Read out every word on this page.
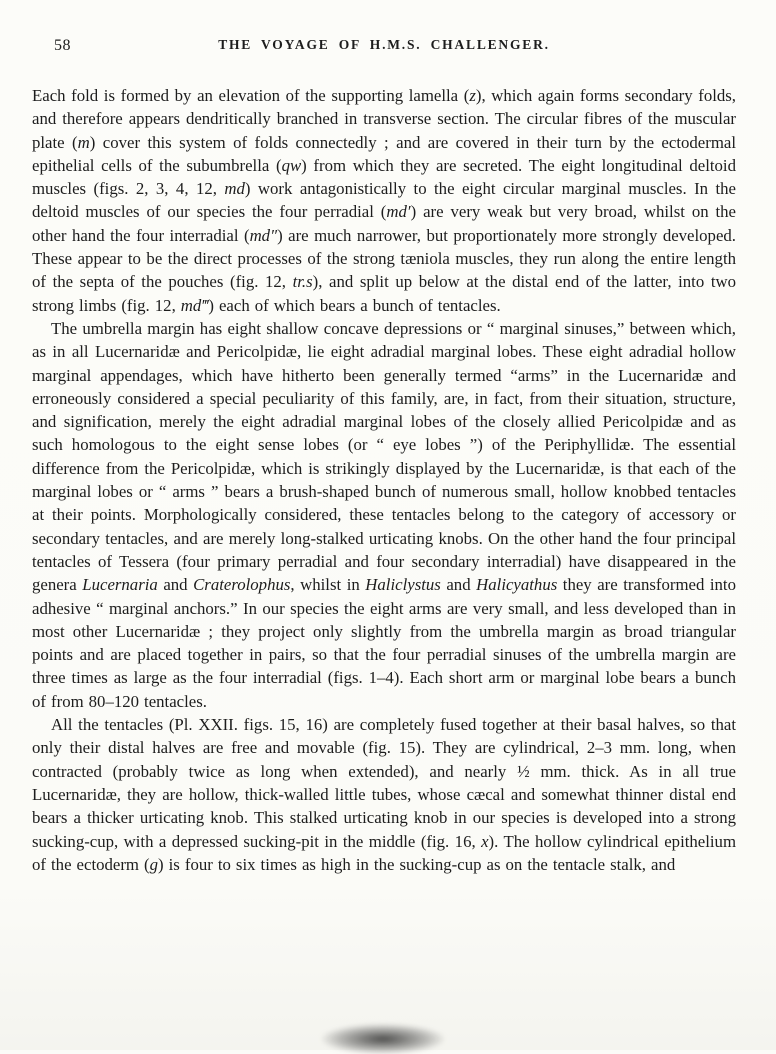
58	THE VOYAGE OF H.M.S. CHALLENGER.

Each fold is formed by an elevation of the supporting lamella (z), which again forms secondary folds, and therefore appears dendritically branched in transverse section. The circular fibres of the muscular plate (m) cover this system of folds connectedly ; and are covered in their turn by the ectodermal epithelial cells of the subumbrella (qw) from which they are secreted. The eight longitudinal deltoid muscles (figs. 2, 3, 4, 12, md) work antagonistically to the eight circular marginal muscles. In the deltoid muscles of our species the four perradial (md′) are very weak but very broad, whilst on the other hand the four interradial (md″) are much narrower, but proportionately more strongly developed. These appear to be the direct processes of the strong tæniola muscles, they run along the entire length of the septa of the pouches (fig. 12, tr.s), and split up below at the distal end of the latter, into two strong limbs (fig. 12, md‴) each of which bears a bunch of tentacles.

The umbrella margin has eight shallow concave depressions or “ marginal sinuses,” between which, as in all Lucernaridæ and Pericolpidæ, lie eight adradial marginal lobes. These eight adradial hollow marginal appendages, which have hitherto been generally termed “arms” in the Lucernaridæ and erroneously considered a special peculiarity of this family, are, in fact, from their situation, structure, and signification, merely the eight adradial marginal lobes of the closely allied Pericolpidæ and as such homologous to the eight sense lobes (or “ eye lobes ”) of the Periphyllidæ. The essential difference from the Pericolpidæ, which is strikingly displayed by the Lucernaridæ, is that each of the marginal lobes or “ arms ” bears a brush-shaped bunch of numerous small, hollow knobbed tentacles at their points. Morphologically considered, these tentacles belong to the category of accessory or secondary tentacles, and are merely long-stalked urticating knobs. On the other hand the four principal tentacles of Tessera (four primary perradial and four secondary interradial) have disappeared in the genera Lucernaria and Craterolophus, whilst in Haliclystus and Halicyathus they are transformed into adhesive “ marginal anchors.” In our species the eight arms are very small, and less developed than in most other Lucernaridæ ; they project only slightly from the umbrella margin as broad triangular points and are placed together in pairs, so that the four perradial sinuses of the umbrella margin are three times as large as the four interradial (figs. 1–4). Each short arm or marginal lobe bears a bunch of from 80–120 tentacles.

All the tentacles (Pl. XXII. figs. 15, 16) are completely fused together at their basal halves, so that only their distal halves are free and movable (fig. 15). They are cylindrical, 2–3 mm. long, when contracted (probably twice as long when extended), and nearly ½ mm. thick. As in all true Lucernaridæ, they are hollow, thick-walled little tubes, whose cæcal and somewhat thinner distal end bears a thicker urticating knob. This stalked urticating knob in our species is developed into a strong sucking-cup, with a depressed sucking-pit in the middle (fig. 16, x). The hollow cylindrical epithelium of the ectoderm (g) is four to six times as high in the sucking-cup as on the tentacle stalk, and
